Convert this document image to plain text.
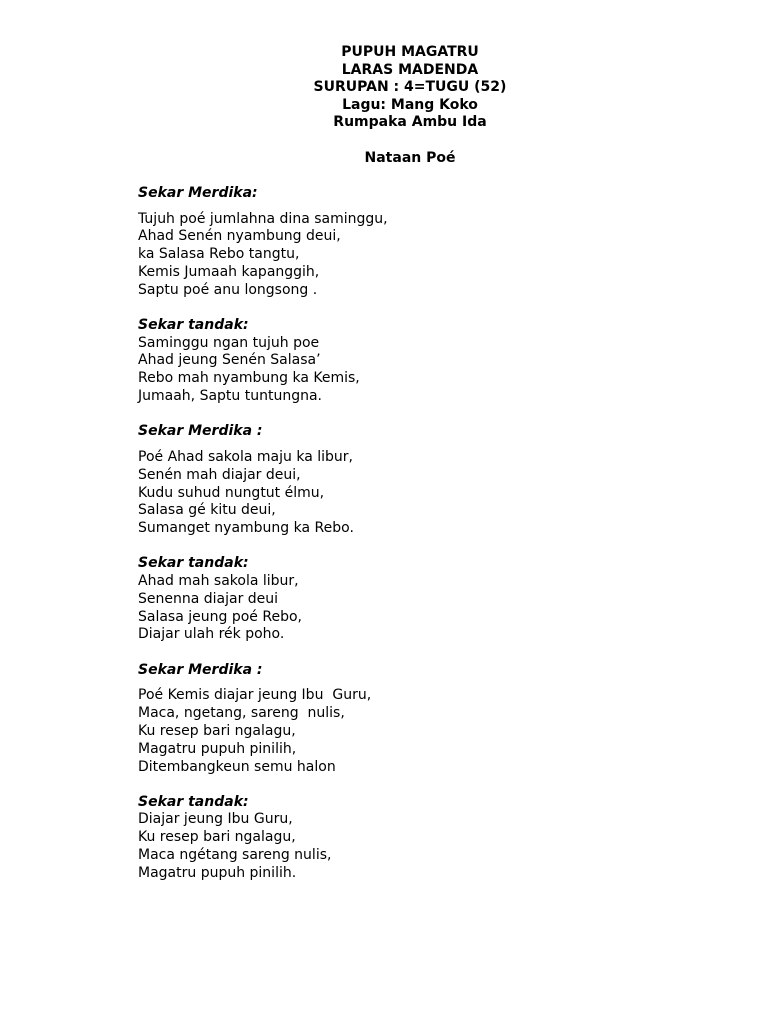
PUPUH MAGATRU
LARAS MADENDA
SURUPAN : 4=TUGU (52)
Lagu: Mang Koko
Rumpaka Ambu Ida
Nataan Poé
Sekar Merdika:
Tujuh poé jumlahna dina saminggu,
Ahad Senén nyambung deui,
ka Salasa Rebo tangtu,
Kemis Jumaah kapanggih,
Saptu poé anu longsong .
Sekar tandak:
Saminggu ngan tujuh poe
Ahad jeung Senén Salasa’
Rebo mah nyambung ka Kemis,
Jumaah, Saptu tuntungna.
Sekar Merdika :
Poé Ahad sakola maju ka libur,
Senén mah diajar deui,
Kudu suhud nungtut élmu,
Salasa gé kitu deui,
Sumanget nyambung ka Rebo.
Sekar tandak:
Ahad mah sakola libur,
Senenna diajar deui
Salasa jeung poé Rebo,
Diajar ulah rék poho.
Sekar Merdika :
Poé Kemis diajar jeung Ibu  Guru,
Maca, ngetang, sareng  nulis,
Ku resep bari ngalagu,
Magatru pupuh pinilih,
Ditembangkeun semu halon
Sekar tandak:
Diajar jeung Ibu Guru,
Ku resep bari ngalagu,
Maca ngétang sareng nulis,
Magatru pupuh pinilih.
